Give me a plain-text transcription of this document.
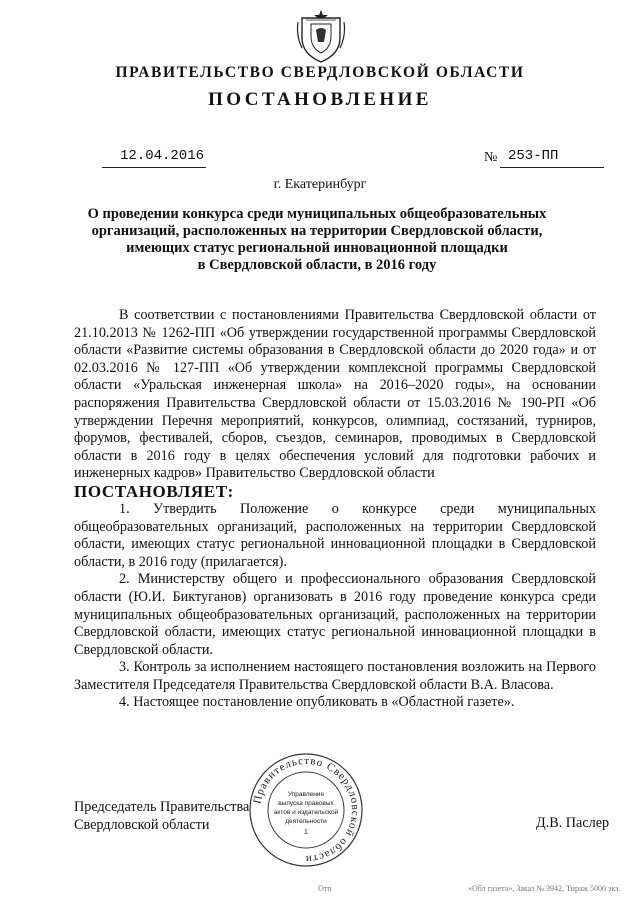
ПРАВИТЕЛЬСТВО СВЕРДЛОВСКОЙ ОБЛАСТИ
ПОСТАНОВЛЕНИЕ
12.04.2016	№ 253-ПП
г. Екатеринбург
О проведении конкурса среди муниципальных общеобразовательных
организаций, расположенных на территории Свердловской области,
имеющих статус региональной инновационной площадки
в Свердловской области, в 2016 году

В соответствии с постановлениями Правительства Свердловской области от 21.10.2013 № 1262-ПП «Об утверждении государственной программы Свердловской области «Развитие системы образования в Свердловской области до 2020 года» и от 02.03.2016 № 127-ПП «Об утверждении комплексной программы Свердловской области «Уральская инженерная школа» на 2016–2020 годы», на основании распоряжения Правительства Свердловской области от 15.03.2016 № 190-РП «Об утверждении Перечня мероприятий, конкурсов, олимпиад, состязаний, турниров, форумов, фестивалей, сборов, съездов, семинаров, проводимых в Свердловской области в 2016 году в целях обеспечения условий для подготовки рабочих и инженерных кадров» Правительство Свердловской области

ПОСТАНОВЛЯЕТ:

1. Утвердить Положение о конкурсе среди муниципальных общеобразовательных организаций, расположенных на территории Свердловской области, имеющих статус региональной инновационной площадки в Свердловской области, в 2016 году (прилагается).

2. Министерству общего и профессионального образования Свердловской области (Ю.И. Биктуганов) организовать в 2016 году проведение конкурса среди муниципальных общеобразовательных организаций, расположенных на территории Свердловской области, имеющих статус региональной инновационной площадки в Свердловской области.

3. Контроль за исполнением настоящего постановления возложить на Первого Заместителя Председателя Правительства Свердловской области В.А. Власова.

4. Настоящее постановление опубликовать в «Областной газете».

Правительство Свердловской области
Управление
выпуска правовых
актов и издательской
деятельности
1
Председатель Правительства
Свердловской области	Д.В. Паслер
Отп	«Обл газета», Заказ № 3942, Тираж 5000 экз.
